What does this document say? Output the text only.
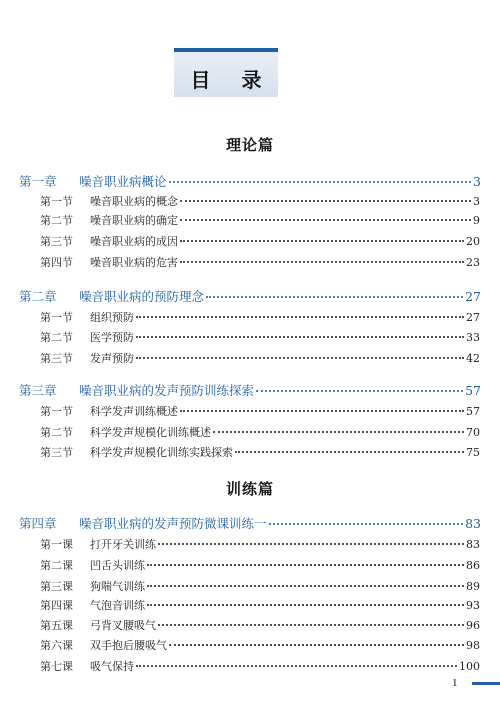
目 录
理论篇
第一章	噪音职业病概论	3
第一节	噪音职业病的概念	3
第二节	噪音职业病的确定	9
第三节	噪音职业病的成因	20
第四节	噪音职业病的危害	23
第二章	噪音职业病的预防理念	27
第一节	组织预防	27
第二节	医学预防	33
第三节	发声预防	42
第三章	噪音职业病的发声预防训练探索	57
第一节	科学发声训练概述	57
第二节	科学发声规模化训练概述	70
第三节	科学发声规模化训练实践探索	75
训练篇
第四章	噪音职业病的发声预防微课训练一	83
第一课	打开牙关训练	83
第二课	凹舌头训练	86
第三课	狗喘气训练	89
第四课	气泡音训练	93
第五课	弓背叉腰吸气	96
第六课	双手抱后腰吸气	98
第七课	吸气保持	100
1
